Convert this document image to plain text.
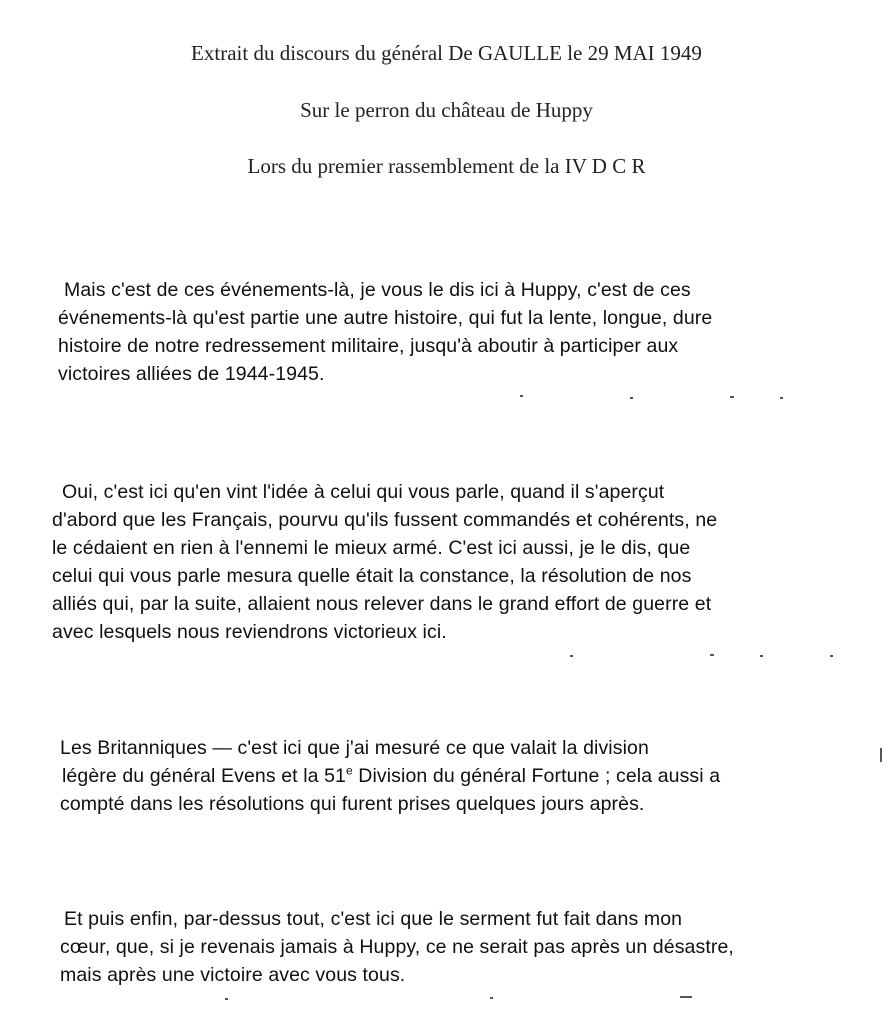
Extrait du discours du général De GAULLE le 29 MAI 1949
Sur le perron du château de Huppy
Lors du premier rassemblement de la IV D C R
Mais c'est de ces événements-là, je vous le dis ici à Huppy, c'est de ces
événements-là qu'est partie une autre histoire, qui fut la lente, longue, dure
histoire de notre redressement militaire, jusqu'à aboutir à participer aux
victoires alliées de 1944-1945.
Oui, c'est ici qu'en vint l'idée à celui qui vous parle, quand il s'aperçut
d'abord que les Français, pourvu qu'ils fussent commandés et cohérents, ne
le cédaient en rien à l'ennemi le mieux armé. C'est ici aussi, je le dis, que
celui qui vous parle mesura quelle était la constance, la résolution de nos
alliés qui, par la suite, allaient nous relever dans le grand effort de guerre et
avec lesquels nous reviendrons victorieux ici.
Les Britanniques — c'est ici que j'ai mesuré ce que valait la division
légère du général Evens et la 51e Division du général Fortune ; cela aussi a
compté dans les résolutions qui furent prises quelques jours après.
Et puis enfin, par-dessus tout, c'est ici que le serment fut fait dans mon
cœur, que, si je revenais jamais à Huppy, ce ne serait pas après un désastre,
mais après une victoire avec vous tous.
